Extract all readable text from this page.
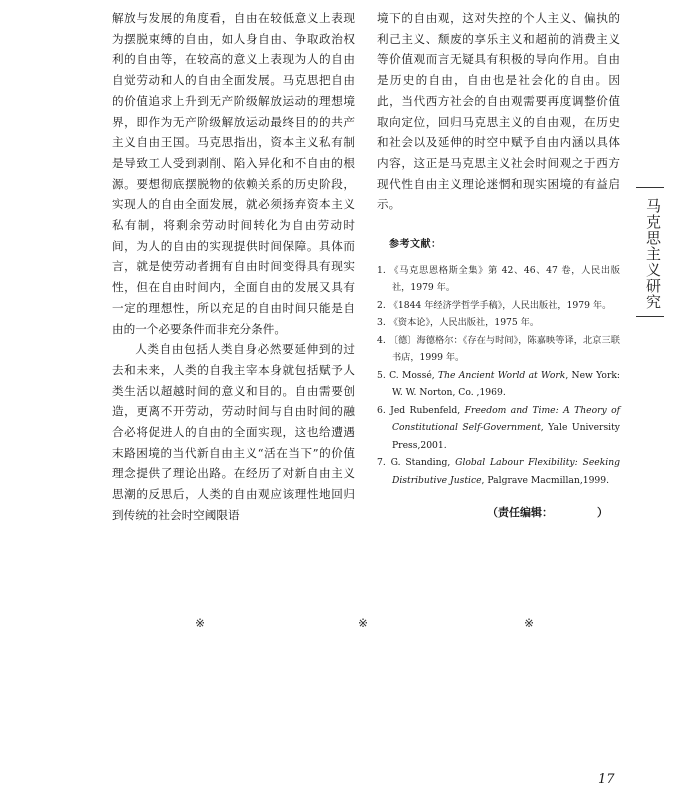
解放与发展的角度看，自由在较低意义上表现为摆脱束缚的自由，如人身自由、争取政治权利的自由等，在较高的意义上表现为人的自由自觉劳动和人的自由全面发展。马克思把自由的价值追求上升到无产阶级解放运动的理想境界，即作为无产阶级解放运动最终目的的共产主义自由王国。马克思指出，资本主义私有制是导致工人受到剥削、陷入异化和不自由的根源。要想彻底摆脱物的依赖关系的历史阶段，实现人的自由全面发展，就必须扬弃资本主义私有制，将剩余劳动时间转化为自由劳动时间，为人的自由的实现提供时间保障。具体而言，就是使劳动者拥有自由时间变得具有现实性，但在自由时间内，全面自由的发展又具有一定的理想性，所以充足的自由时间只能是自由的一个必要条件而非充分条件。

人类自由包括人类自身必然要延伸到的过去和未来，人类的自我主宰本身就包括赋予人类生活以超越时间的意义和目的。自由需要创造，更离不开劳动，劳动时间与自由时间的融合必将促进人的自由的全面实现，这也给遭遇末路困境的当代新自由主义“活在当下”的价值理念提供了理论出路。在经历了对新自由主义思潮的反思后，人类的自由观应该理性地回归到传统的社会时空阈限语

境下的自由观，这对失控的个人主义、偏执的利己主义、颓废的享乐主义和超前的消费主义等价值观而言无疑具有积极的导向作用。自由是历史的自由，自由也是社会化的自由。因此，当代西方社会的自由观需要再度调整价值取向定位，回归马克思主义的自由观，在历史和社会以及延伸的时空中赋予自由内涵以具体内容，这正是马克思主义社会时间观之于西方现代性自由主义理论迷惘和现实困境的有益启示。

参考文献：
1. 《马克思恩格斯全集》第 42、46、47 卷，人民出版社，1979 年。
2. 《1844 年经济学哲学手稿》，人民出版社，1979 年。
3. 《资本论》，人民出版社，1975 年。
4. 〔德〕海德格尔：《存在与时间》，陈嘉映等译，北京三联书店，1999 年。
5. C. Mossé, The Ancient World at Work, New York: W. W. Norton, Co. ,1969.
6. Jed Rubenfeld, Freedom and Time: A Theory of Constitutional Self-Government, Yale University Press,2001.
7. G. Standing, Global Labour Flexibility: Seeking Distributive Justice, Palgrave Macmillan,1999.
（责任编辑：	）
马克思主义研究
※	※	※
17
